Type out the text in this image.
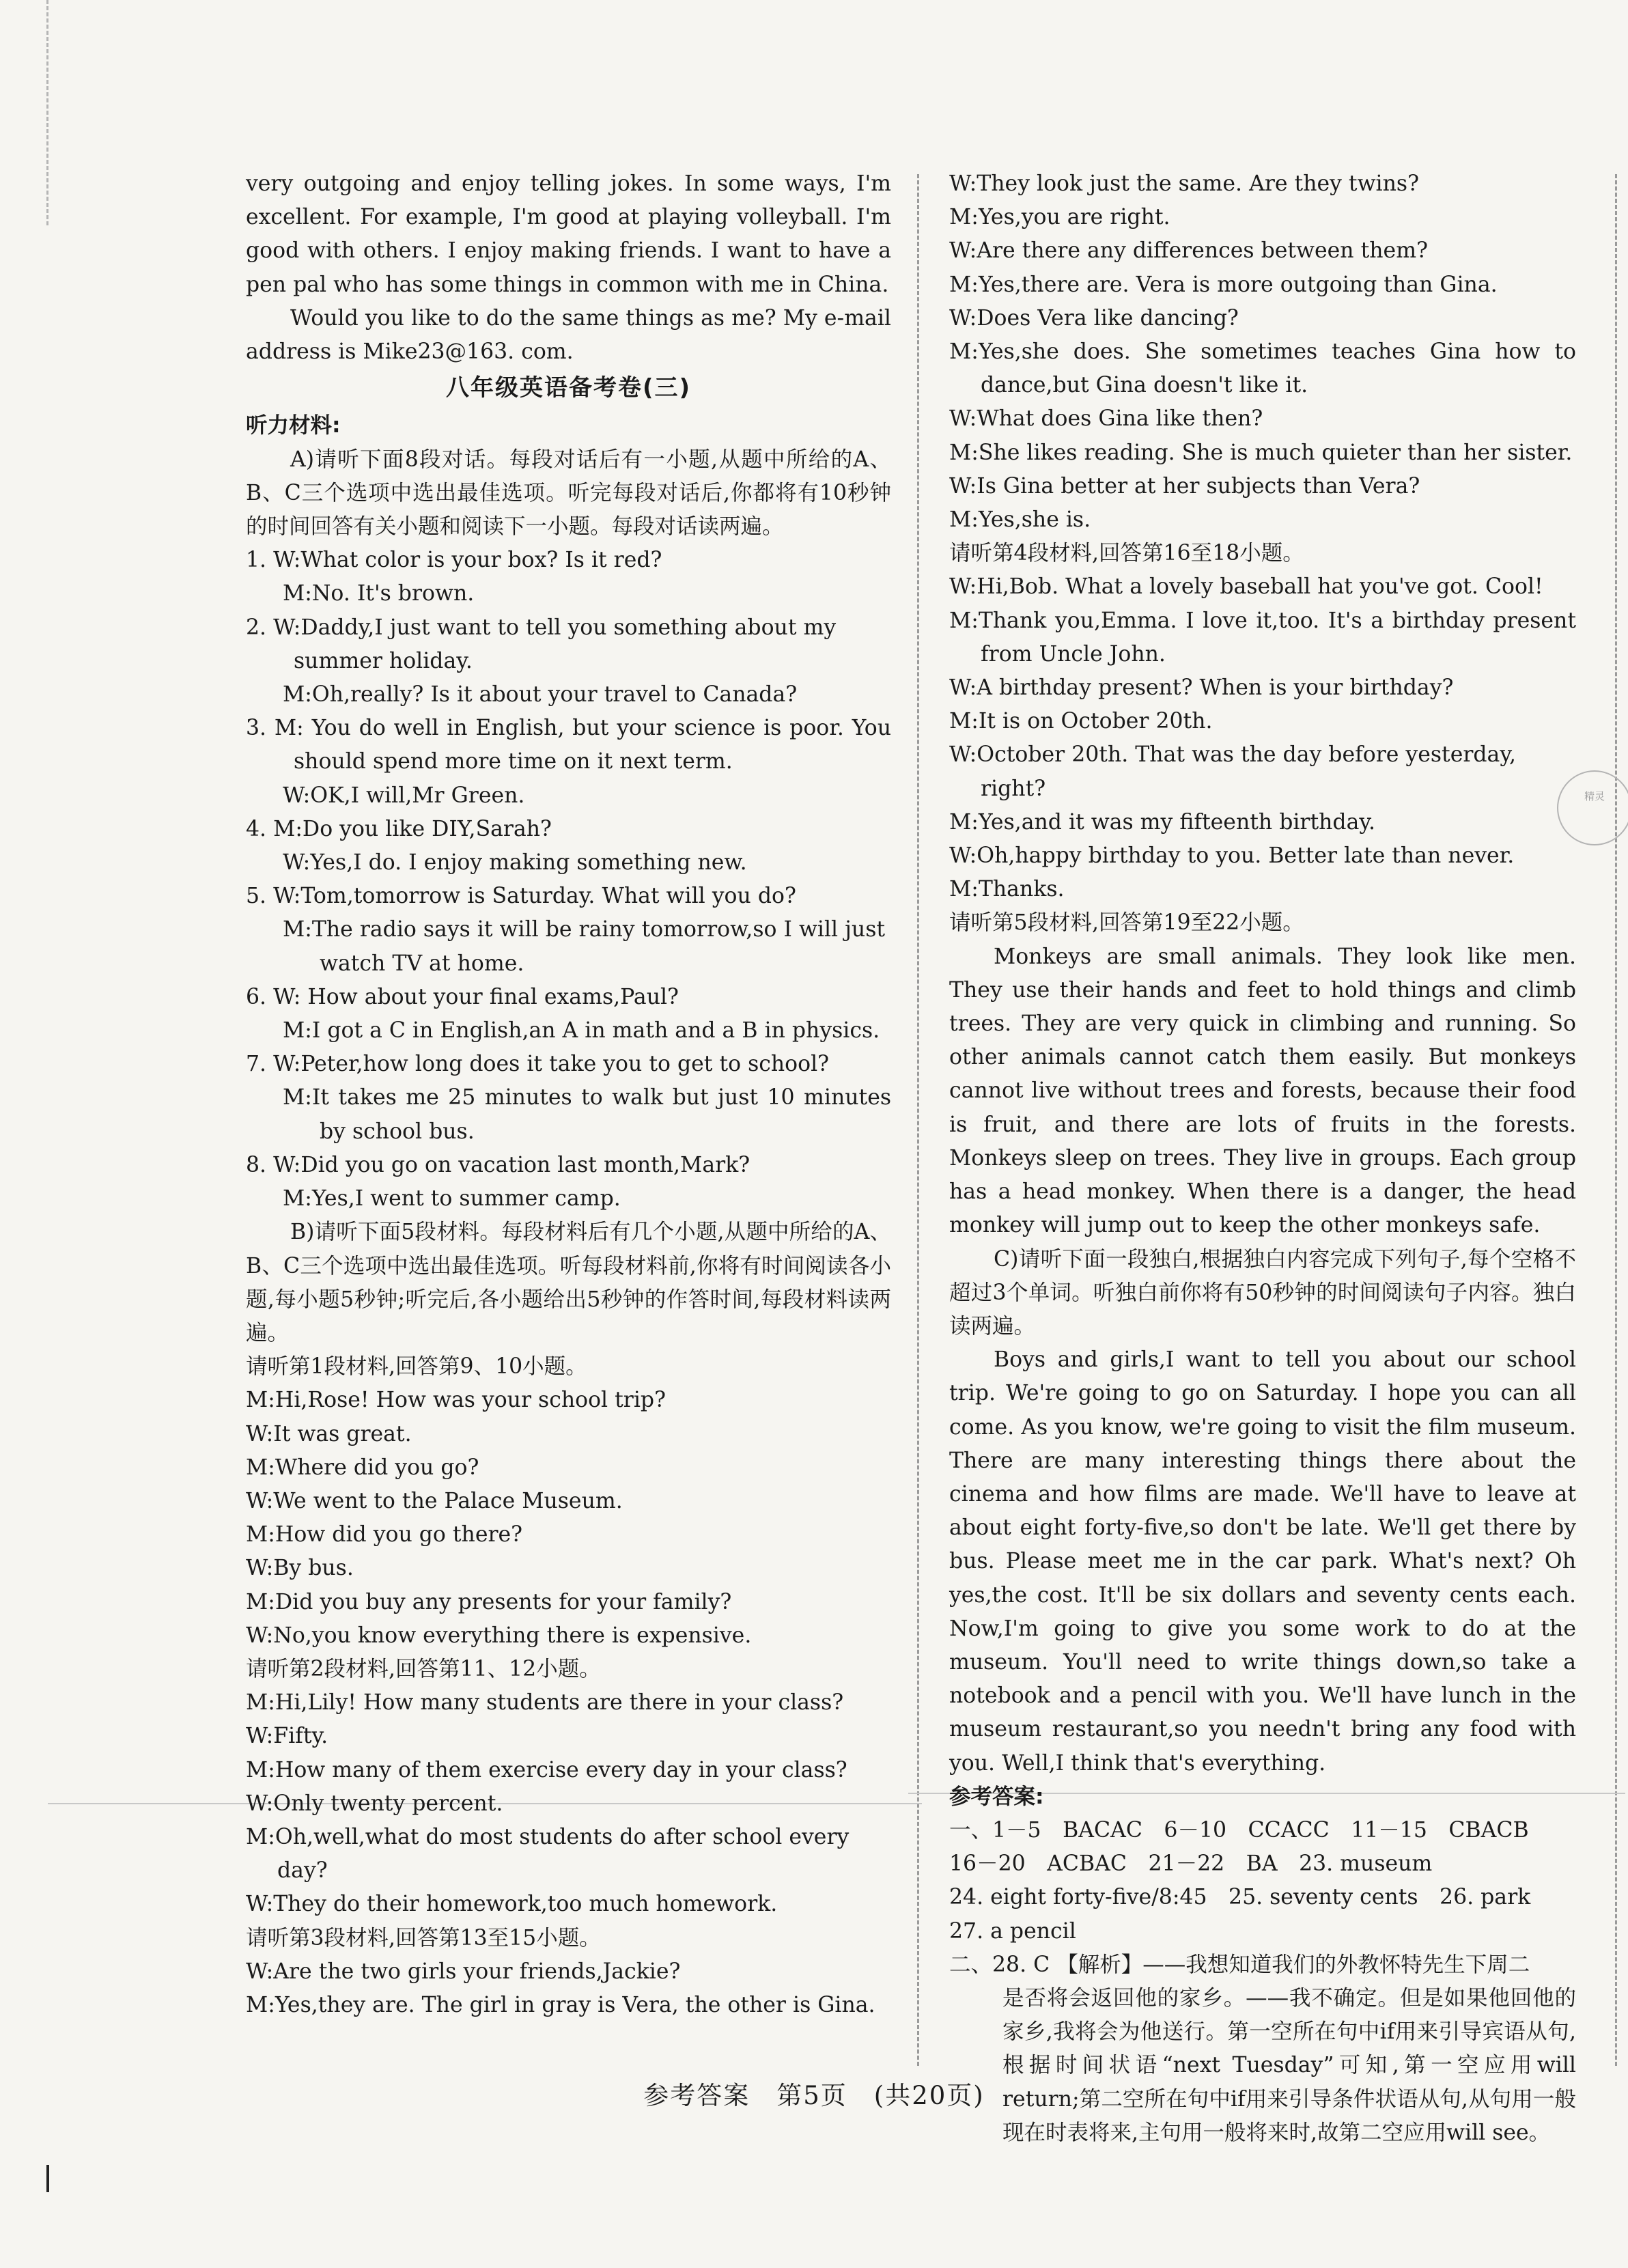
very outgoing and enjoy telling jokes. In some ways, I'm excellent. For example, I'm good at playing volleyball. I'm good with others. I enjoy making friends. I want to have a pen pal who has some things in common with me in China.

Would you like to do the same things as me? My e-mail address is Mike23@163. com.

八年级英语备考卷(三)

听力材料:

A)请听下面8段对话。每段对话后有一小题,从题中所给的A、B、C三个选项中选出最佳选项。听完每段对话后,你都将有10秒钟的时间回答有关小题和阅读下一小题。每段对话读两遍。

1. W:What color is your box? Is it red?

M:No. It's brown.

2. W:Daddy,I just want to tell you something about my summer holiday.

M:Oh,really? Is it about your travel to Canada?

3. M: You do well in English, but your science is poor. You should spend more time on it next term.

W:OK,I will,Mr Green.

4. M:Do you like DIY,Sarah?

W:Yes,I do. I enjoy making something new.

5. W:Tom,tomorrow is Saturday. What will you do?

M:The radio says it will be rainy tomorrow,so I will just watch TV at home.

6. W: How about your final exams,Paul?

M:I got a C in English,an A in math and a B in physics.

7. W:Peter,how long does it take you to get to school?

M:It takes me 25 minutes to walk but just 10 minutes by school bus.

8. W:Did you go on vacation last month,Mark?

M:Yes,I went to summer camp.

B)请听下面5段材料。每段材料后有几个小题,从题中所给的A、B、C三个选项中选出最佳选项。听每段材料前,你将有时间阅读各小题,每小题5秒钟;听完后,各小题给出5秒钟的作答时间,每段材料读两遍。

请听第1段材料,回答第9、10小题。

M:Hi,Rose! How was your school trip?

W:It was great.

M:Where did you go?

W:We went to the Palace Museum.

M:How did you go there?

W:By bus.

M:Did you buy any presents for your family?

W:No,you know everything there is expensive.

请听第2段材料,回答第11、12小题。

M:Hi,Lily! How many students are there in your class?

W:Fifty.

M:How many of them exercise every day in your class?

W:Only twenty percent.

M:Oh,well,what do most students do after school every day?

W:They do their homework,too much homework.

请听第3段材料,回答第13至15小题。

W:Are the two girls your friends,Jackie?

M:Yes,they are. The girl in gray is Vera, the other is Gina.

W:They look just the same. Are they twins?

M:Yes,you are right.

W:Are there any differences between them?

M:Yes,there are. Vera is more outgoing than Gina.

W:Does Vera like dancing?

M:Yes,she does. She sometimes teaches Gina how to dance,but Gina doesn't like it.

W:What does Gina like then?

M:She likes reading. She is much quieter than her sister.

W:Is Gina better at her subjects than Vera?

M:Yes,she is.

请听第4段材料,回答第16至18小题。

W:Hi,Bob. What a lovely baseball hat you've got. Cool!

M:Thank you,Emma. I love it,too. It's a birthday present from Uncle John.

W:A birthday present? When is your birthday?

M:It is on October 20th.

W:October 20th. That was the day before yesterday, right?

M:Yes,and it was my fifteenth birthday.

W:Oh,happy birthday to you. Better late than never.

M:Thanks.

请听第5段材料,回答第19至22小题。

Monkeys are small animals. They look like men. They use their hands and feet to hold things and climb trees. They are very quick in climbing and running. So other animals cannot catch them easily. But monkeys cannot live without trees and forests, because their food is fruit, and there are lots of fruits in the forests. Monkeys sleep on trees. They live in groups. Each group has a head monkey. When there is a danger, the head monkey will jump out to keep the other monkeys safe.

C)请听下面一段独白,根据独白内容完成下列句子,每个空格不超过3个单词。听独白前你将有50秒钟的时间阅读句子内容。独白读两遍。

Boys and girls,I want to tell you about our school trip. We're going to go on Saturday. I hope you can all come. As you know, we're going to visit the film museum. There are many interesting things there about the cinema and how films are made. We'll have to leave at about eight forty-five,so don't be late. We'll get there by bus. Please meet me in the car park. What's next? Oh yes,the cost. It'll be six dollars and seventy cents each. Now,I'm going to give you some work to do at the museum. You'll need to write things down,so take a notebook and a pencil with you. We'll have lunch in the museum restaurant,so you needn't bring any food with you. Well,I think that's everything.

参考答案:

一、1－5　BACAC　6－10　CCACC　11－15　CBACB

16－20　ACBAC　21－22　BA　23. museum

24. eight forty-five/8:45　25. seventy cents　26. park

27. a pencil

二、28. C 【解析】——我想知道我们的外教怀特先生下周二

是否将会返回他的家乡。——我不确定。但是如果他回他的家乡,我将会为他送行。第一空所在句中if用来引导宾语从句,根据时间状语“next Tuesday”可知,第一空应用will return;第二空所在句中if用来引导条件状语从句,从句用一般现在时表将来,主句用一般将来时,故第二空应用will see。

精灵
参考答案　第5页　(共20页)
